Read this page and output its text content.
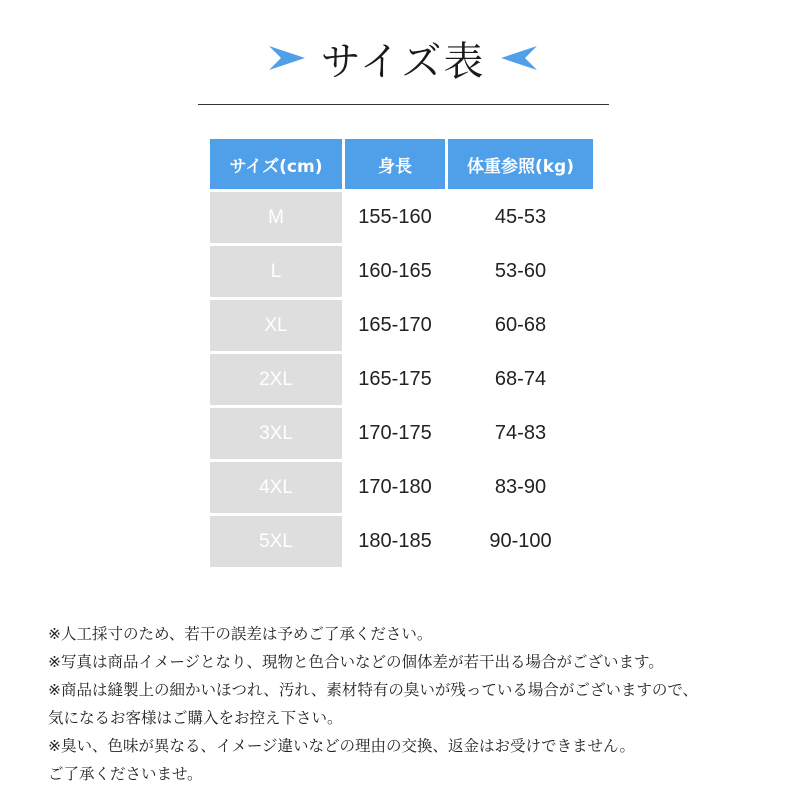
サイズ表
サイズ(cm)	身長	体重参照(kg)
M	155-160	45-53
L	160-165	53-60
XL	165-170	60-68
2XL	165-175	68-74
3XL	170-175	74-83
4XL	170-180	83-90
5XL	180-185	90-100
※人工採寸のため、若干の誤差は予めご了承ください。
※写真は商品イメージとなり、現物と色合いなどの個体差が若干出る場合がございます。
※商品は縫製上の細かいほつれ、汚れ、素材特有の臭いが残っている場合がございますので、
気になるお客様はご購入をお控え下さい。
※臭い、色味が異なる、イメージ違いなどの理由の交換、返金はお受けできません。
ご了承くださいませ。
